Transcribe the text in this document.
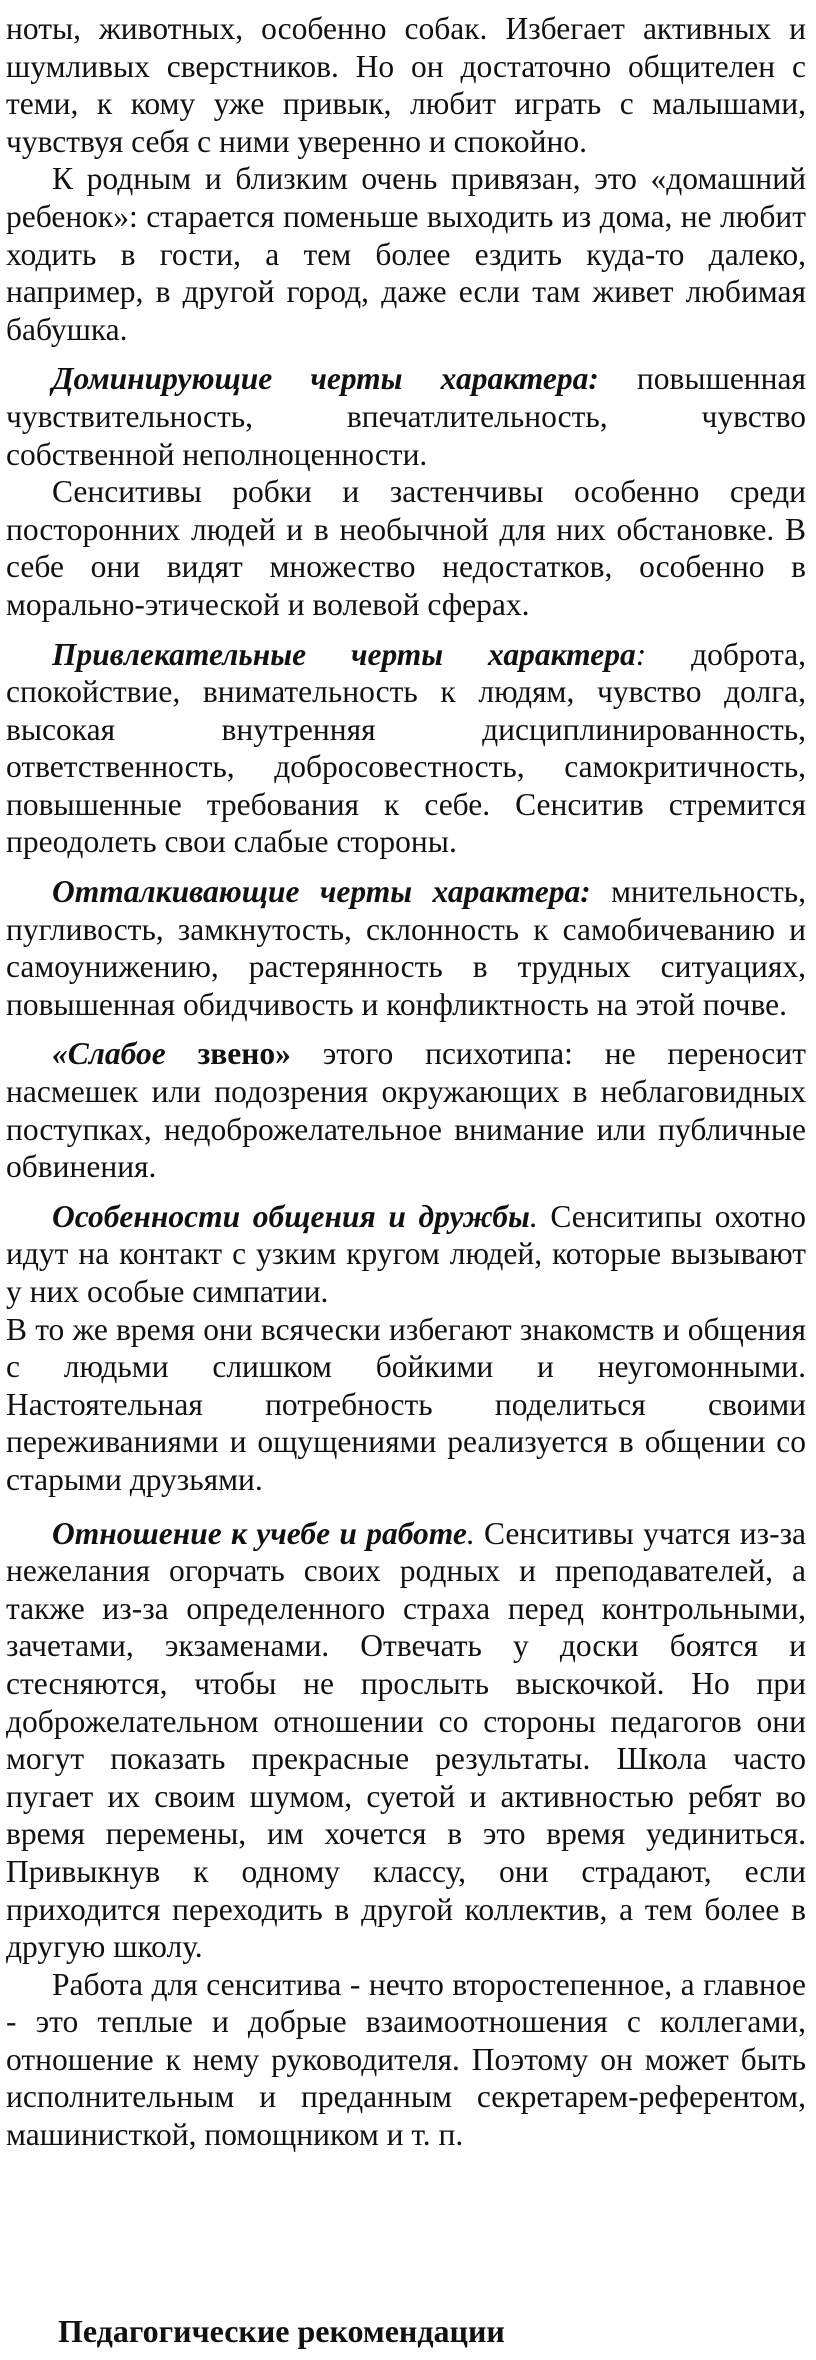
ноты, животных, особенно собак. Избегает активных и шумливых сверстников. Но он достаточно общителен с теми, к кому уже привык, любит играть с малышами, чувствуя себя с ними уверенно и спокойно.

К родным и близким очень привязан, это «домашний ребенок»: старается поменьше выходить из дома, не любит ходить в гости, а тем более ездить куда-то далеко, например, в другой город, даже если там живет любимая бабушка.

Доминирующие черты характера: повышенная чувствительность, впечатлительность, чувство собственной неполноценности.

Сенситивы робки и застенчивы особенно среди посторонних людей и в необычной для них обстановке. В себе они видят множество недостатков, особенно в морально-этической и волевой сферах.

Привлекательные черты характера: доброта, спокойствие, внимательность к людям, чувство долга, высокая внутренняя дисциплинированность, ответственность, добросовестность, самокритичность, повышенные требования к себе. Сенситив стремится преодолеть свои слабые стороны.

Отталкивающие черты характера: мнительность, пугливость, замкнутость, склонность к самобичеванию и самоунижению, растерянность в трудных ситуациях, повышенная обидчивость и конфликтность на этой почве.

«Слабое звено» этого психотипа: не переносит насмешек или подозрения окружающих в неблаговидных поступках, недоброжелательное внимание или публичные обвинения.

Особенности общения и дружбы. Сенситипы охотно идут на контакт с узким кругом людей, которые вызывают у них особые симпатии.

В то же время они всячески избегают знакомств и общения с людьми слишком бойкими и неугомонными. Настоятельная потребность поделиться своими переживаниями и ощущениями реализуется в общении со старыми друзьями.

Отношение к учебе и работе. Сенситивы учатся из-за нежелания огорчать своих родных и преподавателей, а также из-за определенного страха перед контрольными, зачетами, экзаменами. Отвечать у доски боятся и стесняются, чтобы не прослыть выскочкой. Но при доброжелательном отношении со стороны педагогов они могут показать прекрасные результаты. Школа часто пугает их своим шумом, суетой и активностью ребят во время перемены, им хочется в это время уединиться. Привыкнув к одному классу, они страдают, если приходится переходить в другой коллектив, а тем более в другую школу.

Работа для сенситива - нечто второстепенное, а главное - это теплые и добрые взаимоотношения с коллегами, отношение к нему руководителя. Поэтому он может быть исполнительным и преданным секретарем-референтом, машинисткой, помощником и т. п.

Педагогические рекомендации
